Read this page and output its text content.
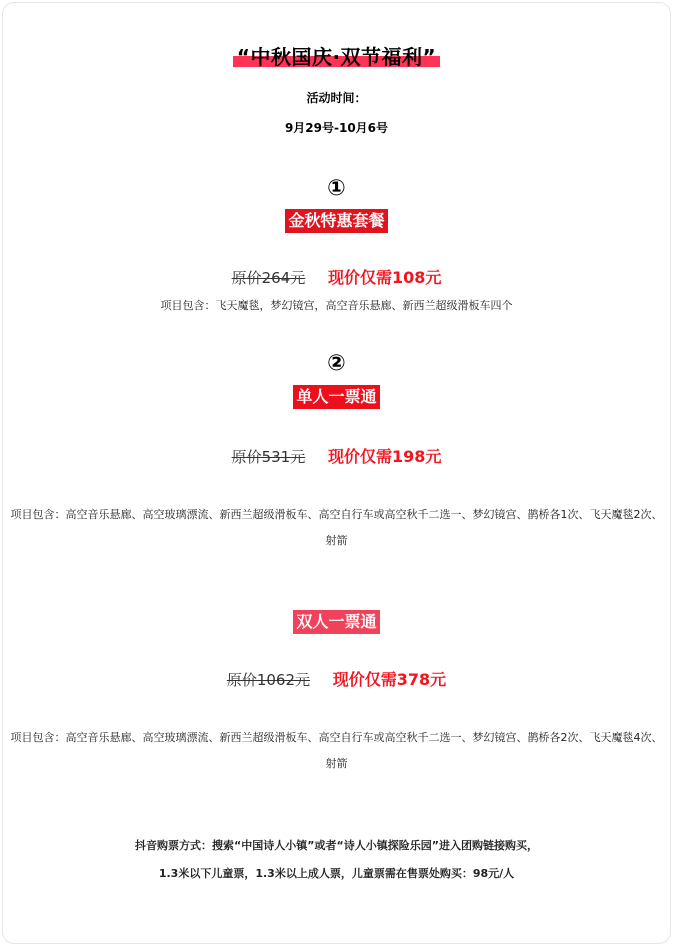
“中秋国庆·双节福利”
活动时间：
9月29号-10月6号
①
金秋特惠套餐
原价264元 现价仅需108元
项目包含：飞天魔毯，梦幻镜宫，高空音乐悬廊、新西兰超级滑板车四个
②
单人一票通
原价531元 现价仅需198元
项目包含：高空音乐悬廊、高空玻璃漂流、新西兰超级滑板车、高空自行车或高空秋千二选一、梦幻镜宫、鹊桥各1次、飞天魔毯2次、射箭
双人一票通
原价1062元 现价仅需378元
项目包含：高空音乐悬廊、高空玻璃漂流、新西兰超级滑板车、高空自行车或高空秋千二选一、梦幻镜宫、鹊桥各2次、飞天魔毯4次、射箭
抖音购票方式：搜索“中国诗人小镇”或者“诗人小镇探险乐园”进入团购链接购买，
1.3米以下儿童票，1.3米以上成人票，儿童票需在售票处购买：98元/人
